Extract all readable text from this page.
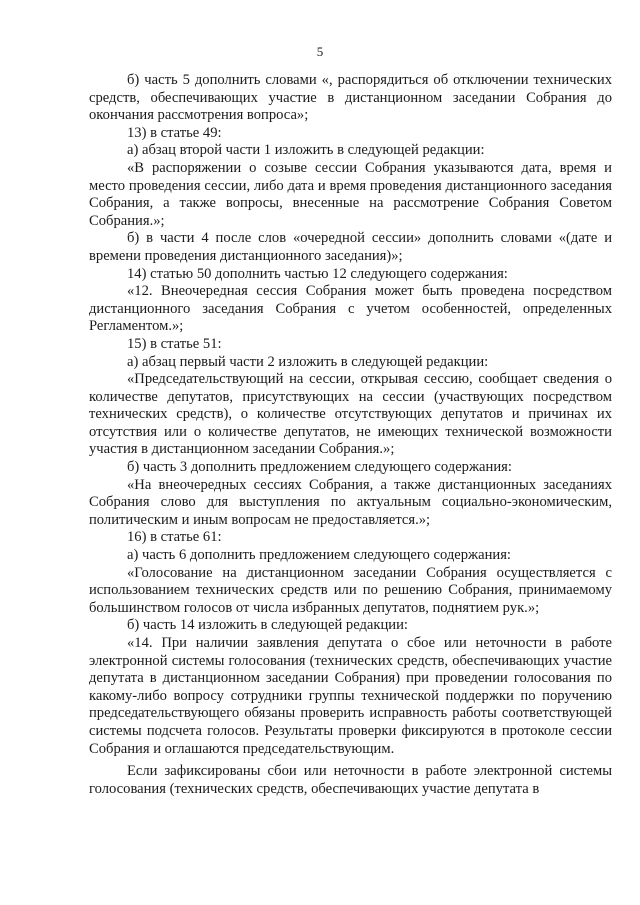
5

б) часть 5 дополнить словами «, распорядиться об отключении технических средств, обеспечивающих участие в дистанционном заседании Собрания до окончания рассмотрения вопроса»;

13) в статье 49:

а) абзац второй части 1 изложить в следующей редакции:

«В распоряжении о созыве сессии Собрания указываются дата, время и место проведения сессии, либо дата и время проведения дистанционного заседания Собрания, а также вопросы, внесенные на рассмотрение Собрания Советом Собрания.»;

б) в части 4 после слов «очередной сессии» дополнить словами «(дате и времени проведения дистанционного заседания)»;

14) статью 50 дополнить частью 12 следующего содержания:

«12. Внеочередная сессия Собрания может быть проведена посредством дистанционного заседания Собрания с учетом особенностей, определенных Регламентом.»;

15) в статье 51:

а) абзац первый части 2 изложить в следующей редакции:

«Председательствующий на сессии, открывая сессию, сообщает сведения о количестве депутатов, присутствующих на сессии (участвующих посредством технических средств), о количестве отсутствующих депутатов и причинах их отсутствия или о количестве депутатов, не имеющих технической возможности участия в дистанционном заседании Собрания.»;

б) часть 3 дополнить предложением следующего содержания:

«На внеочередных сессиях Собрания, а также дистанционных заседаниях Собрания слово для выступления по актуальным социально-экономическим, политическим и иным вопросам не предоставляется.»;

16) в статье 61:

а) часть 6 дополнить предложением следующего содержания:

«Голосование на дистанционном заседании Собрания осуществляется с использованием технических средств или по решению Собрания, принимаемому большинством голосов от числа избранных депутатов, поднятием рук.»;

б) часть 14 изложить в следующей редакции:

«14. При наличии заявления депутата о сбое или неточности в работе электронной системы голосования (технических средств, обеспечивающих участие депутата в дистанционном заседании Собрания) при проведении голосования по какому-либо вопросу сотрудники группы технической поддержки по поручению председательствующего обязаны проверить исправность работы соответствующей системы подсчета голосов. Результаты проверки фиксируются в протоколе сессии Собрания и оглашаются председательствующим.

Если зафиксированы сбои или неточности в работе электронной системы голосования (технических средств, обеспечивающих участие депутата в
